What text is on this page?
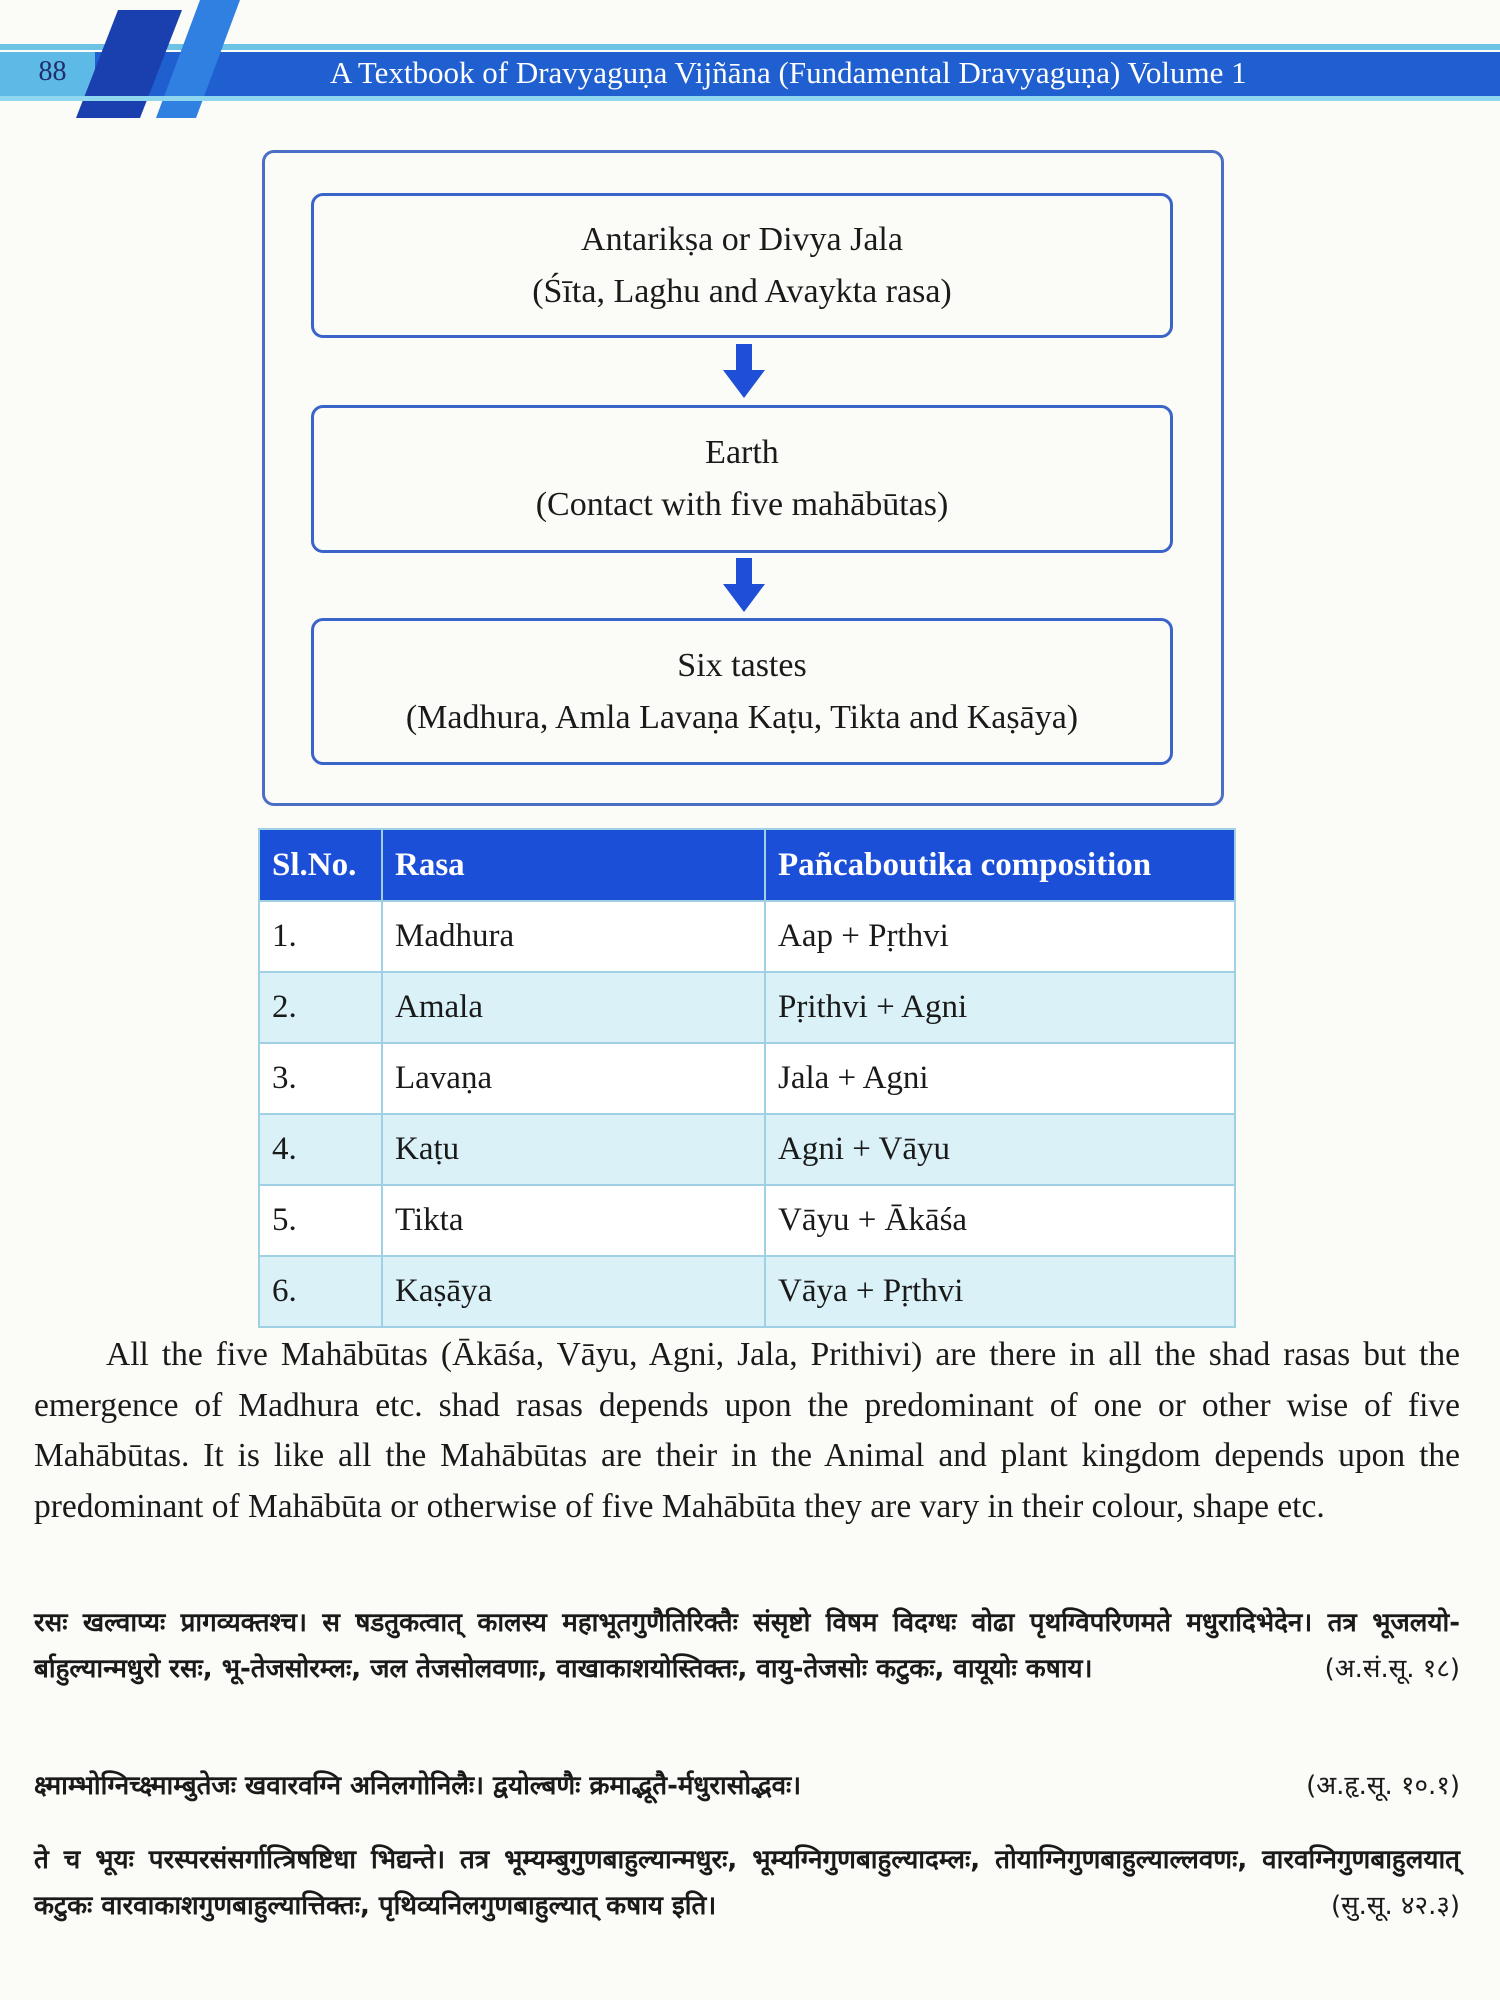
88	A Textbook of Dravyaguṇa Vijñāna (Fundamental Dravyaguṇa) Volume 1
Antarikṣa or Divya Jala
(Śīta, Laghu and Avaykta rasa)
Earth
(Contact with five mahābūtas)
Six tastes
(Madhura, Amla Lavaṇa Kaṭu, Tikta and Kaṣāya)
Sl.No.	Rasa	Pañcaboutika composition
1.	Madhura	Aap + Pṛthvi
2.	Amala	Pṛithvi + Agni
3.	Lavaṇa	Jala + Agni
4.	Kaṭu	Agni + Vāyu
5.	Tikta	Vāyu + Ākāśa
6.	Kaṣāya	Vāya + Pṛthvi

All the five Mahābūtas (Ākāśa, Vāyu, Agni, Jala, Prithivi) are there in all the shad rasas but the emergence of Madhura etc. shad rasas depends upon the predominant of one or other wise of five Mahābūtas. It is like all the Mahābūtas are their in the Animal and plant kingdom depends upon the predominant of Mahābūta or otherwise of five Mahābūta they are vary in their colour, shape etc.

रसः खल्वाप्यः प्रागव्यक्तश्च। स षडतुकत्वात् कालस्य महाभूतगुणैतिरिक्तैः संसृष्टो विषम विदग्धः वोढा पृथग्विपरिणमते मधुरादिभेदेन। तत्र भूजलयो-र्बाहुल्यान्मधुरो रसः, भू-तेजसोरम्लः, जल तेजसोलवणाः, वाखाकाशयोस्तिक्तः, वायु-तेजसोः कटुकः, वायूयोः कषाय।	(अ.सं.सू. १८)

क्ष्माम्भोग्निच्क्ष्माम्बुतेजः खवारवग्नि अनिलगोनिलैः। द्वयोल्बणैः क्रमाद्भूतै-र्मधुरासोद्भवः।	(अ.हृ.सू. १०.१)

ते च भूयः परस्परसंसर्गात्त्रिषष्टिधा भिद्यन्ते। तत्र भूम्यम्बुगुणबाहुल्यान्मधुरः, भूम्यग्निगुणबाहुल्यादम्लः, तोयाग्निगुणबाहुल्याल्लवणः, वारवग्निगुणबाहुलयात् कटुकः वारवाकाशगुणबाहुल्यात्तिक्तः, पृथिव्यनिलगुणबाहुल्यात् कषाय इति।	(सु.सू. ४२.३)
